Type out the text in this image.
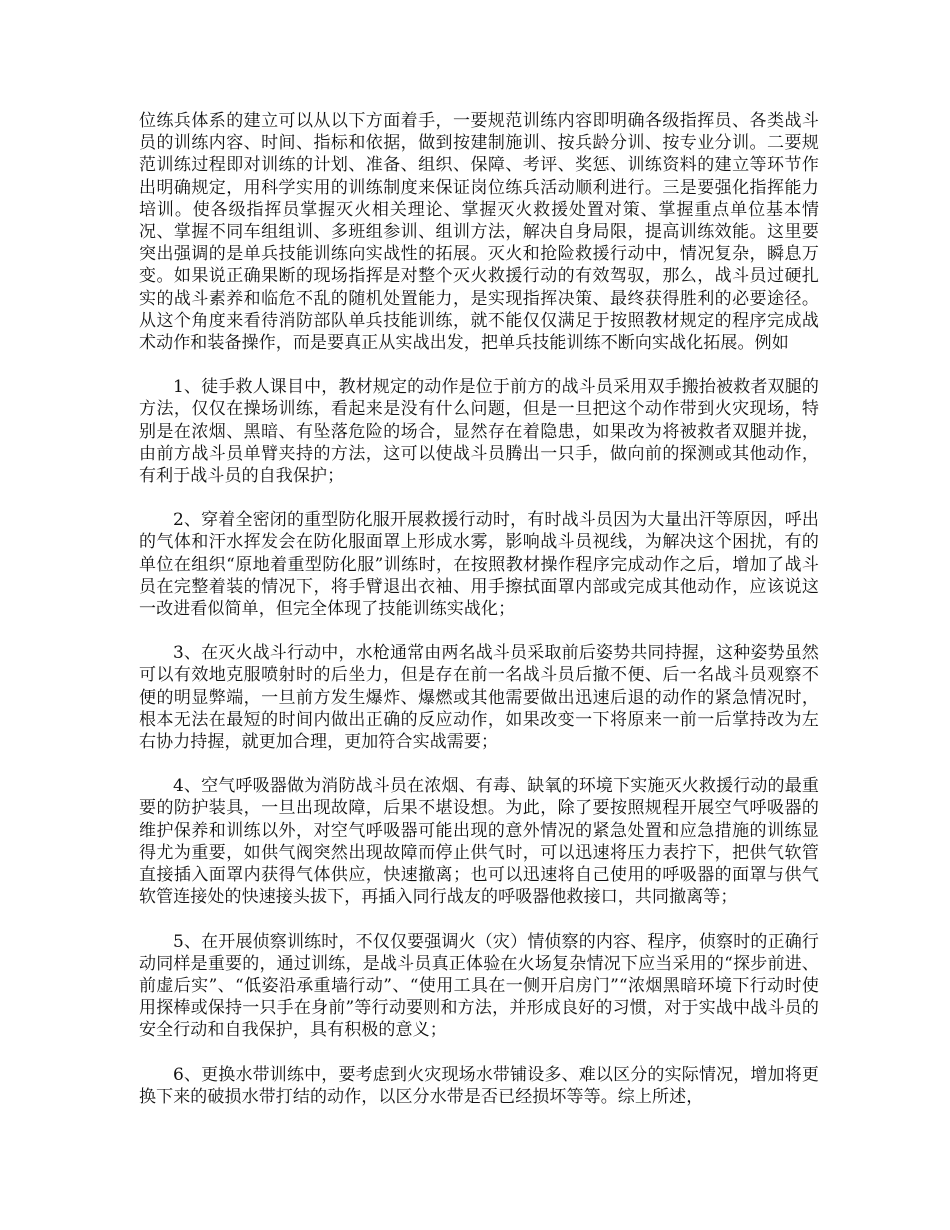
位练兵体系的建立可以从以下方面着手，一要规范训练内容即明确各级指挥员、各类战斗员的训练内容、时间、指标和依据，做到按建制施训、按兵龄分训、按专业分训。二要规范训练过程即对训练的计划、准备、组织、保障、考评、奖惩、训练资料的建立等环节作出明确规定，用科学实用的训练制度来保证岗位练兵活动顺利进行。三是要强化指挥能力培训。使各级指挥员掌握灭火相关理论、掌握灭火救援处置对策、掌握重点单位基本情况、掌握不同车组组训、多班组参训、组训方法，解决自身局限，提高训练效能。这里要突出强调的是单兵技能训练向实战性的拓展。灭火和抢险救援行动中，情况复杂，瞬息万变。如果说正确果断的现场指挥是对整个灭火救援行动的有效驾驭，那么，战斗员过硬扎实的战斗素养和临危不乱的随机处置能力，是实现指挥决策、最终获得胜利的必要途径。从这个角度来看待消防部队单兵技能训练，就不能仅仅满足于按照教材规定的程序完成战术动作和装备操作，而是要真正从实战出发，把单兵技能训练不断向实战化拓展。例如

1、徒手救人课目中，教材规定的动作是位于前方的战斗员采用双手搬抬被救者双腿的方法，仅仅在操场训练，看起来是没有什么问题，但是一旦把这个动作带到火灾现场，特别是在浓烟、黑暗、有坠落危险的场合，显然存在着隐患，如果改为将被救者双腿并拢，由前方战斗员单臂夹持的方法，这可以使战斗员腾出一只手，做向前的探测或其他动作，有利于战斗员的自我保护；

2、穿着全密闭的重型防化服开展救援行动时，有时战斗员因为大量出汗等原因，呼出的气体和汗水挥发会在防化服面罩上形成水雾，影响战斗员视线，为解决这个困扰，有的单位在组织“原地着重型防化服”训练时，在按照教材操作程序完成动作之后，增加了战斗员在完整着装的情况下，将手臂退出衣袖、用手擦拭面罩内部或完成其他动作，应该说这一改进看似简单，但完全体现了技能训练实战化；

3、在灭火战斗行动中，水枪通常由两名战斗员采取前后姿势共同持握，这种姿势虽然可以有效地克服喷射时的后坐力，但是存在前一名战斗员后撤不便、后一名战斗员观察不便的明显弊端，一旦前方发生爆炸、爆燃或其他需要做出迅速后退的动作的紧急情况时，根本无法在最短的时间内做出正确的反应动作，如果改变一下将原来一前一后掌持改为左右协力持握，就更加合理，更加符合实战需要；

4、空气呼吸器做为消防战斗员在浓烟、有毒、缺氧的环境下实施灭火救援行动的最重要的防护装具，一旦出现故障，后果不堪设想。为此，除了要按照规程开展空气呼吸器的维护保养和训练以外，对空气呼吸器可能出现的意外情况的紧急处置和应急措施的训练显得尤为重要，如供气阀突然出现故障而停止供气时，可以迅速将压力表拧下，把供气软管直接插入面罩内获得气体供应，快速撤离；也可以迅速将自己使用的呼吸器的面罩与供气软管连接处的快速接头拔下，再插入同行战友的呼吸器他救接口，共同撤离等；

5、在开展侦察训练时，不仅仅要强调火（灾）情侦察的内容、程序，侦察时的正确行动同样是重要的，通过训练，是战斗员真正体验在火场复杂情况下应当采用的“探步前进、前虚后实”、“低姿沿承重墙行动”、“使用工具在一侧开启房门”“浓烟黑暗环境下行动时使用探棒或保持一只手在身前”等行动要则和方法，并形成良好的习惯，对于实战中战斗员的安全行动和自我保护，具有积极的意义；

6、更换水带训练中，要考虑到火灾现场水带铺设多、难以区分的实际情况，增加将更换下来的破损水带打结的动作，以区分水带是否已经损坏等等。综上所述，
